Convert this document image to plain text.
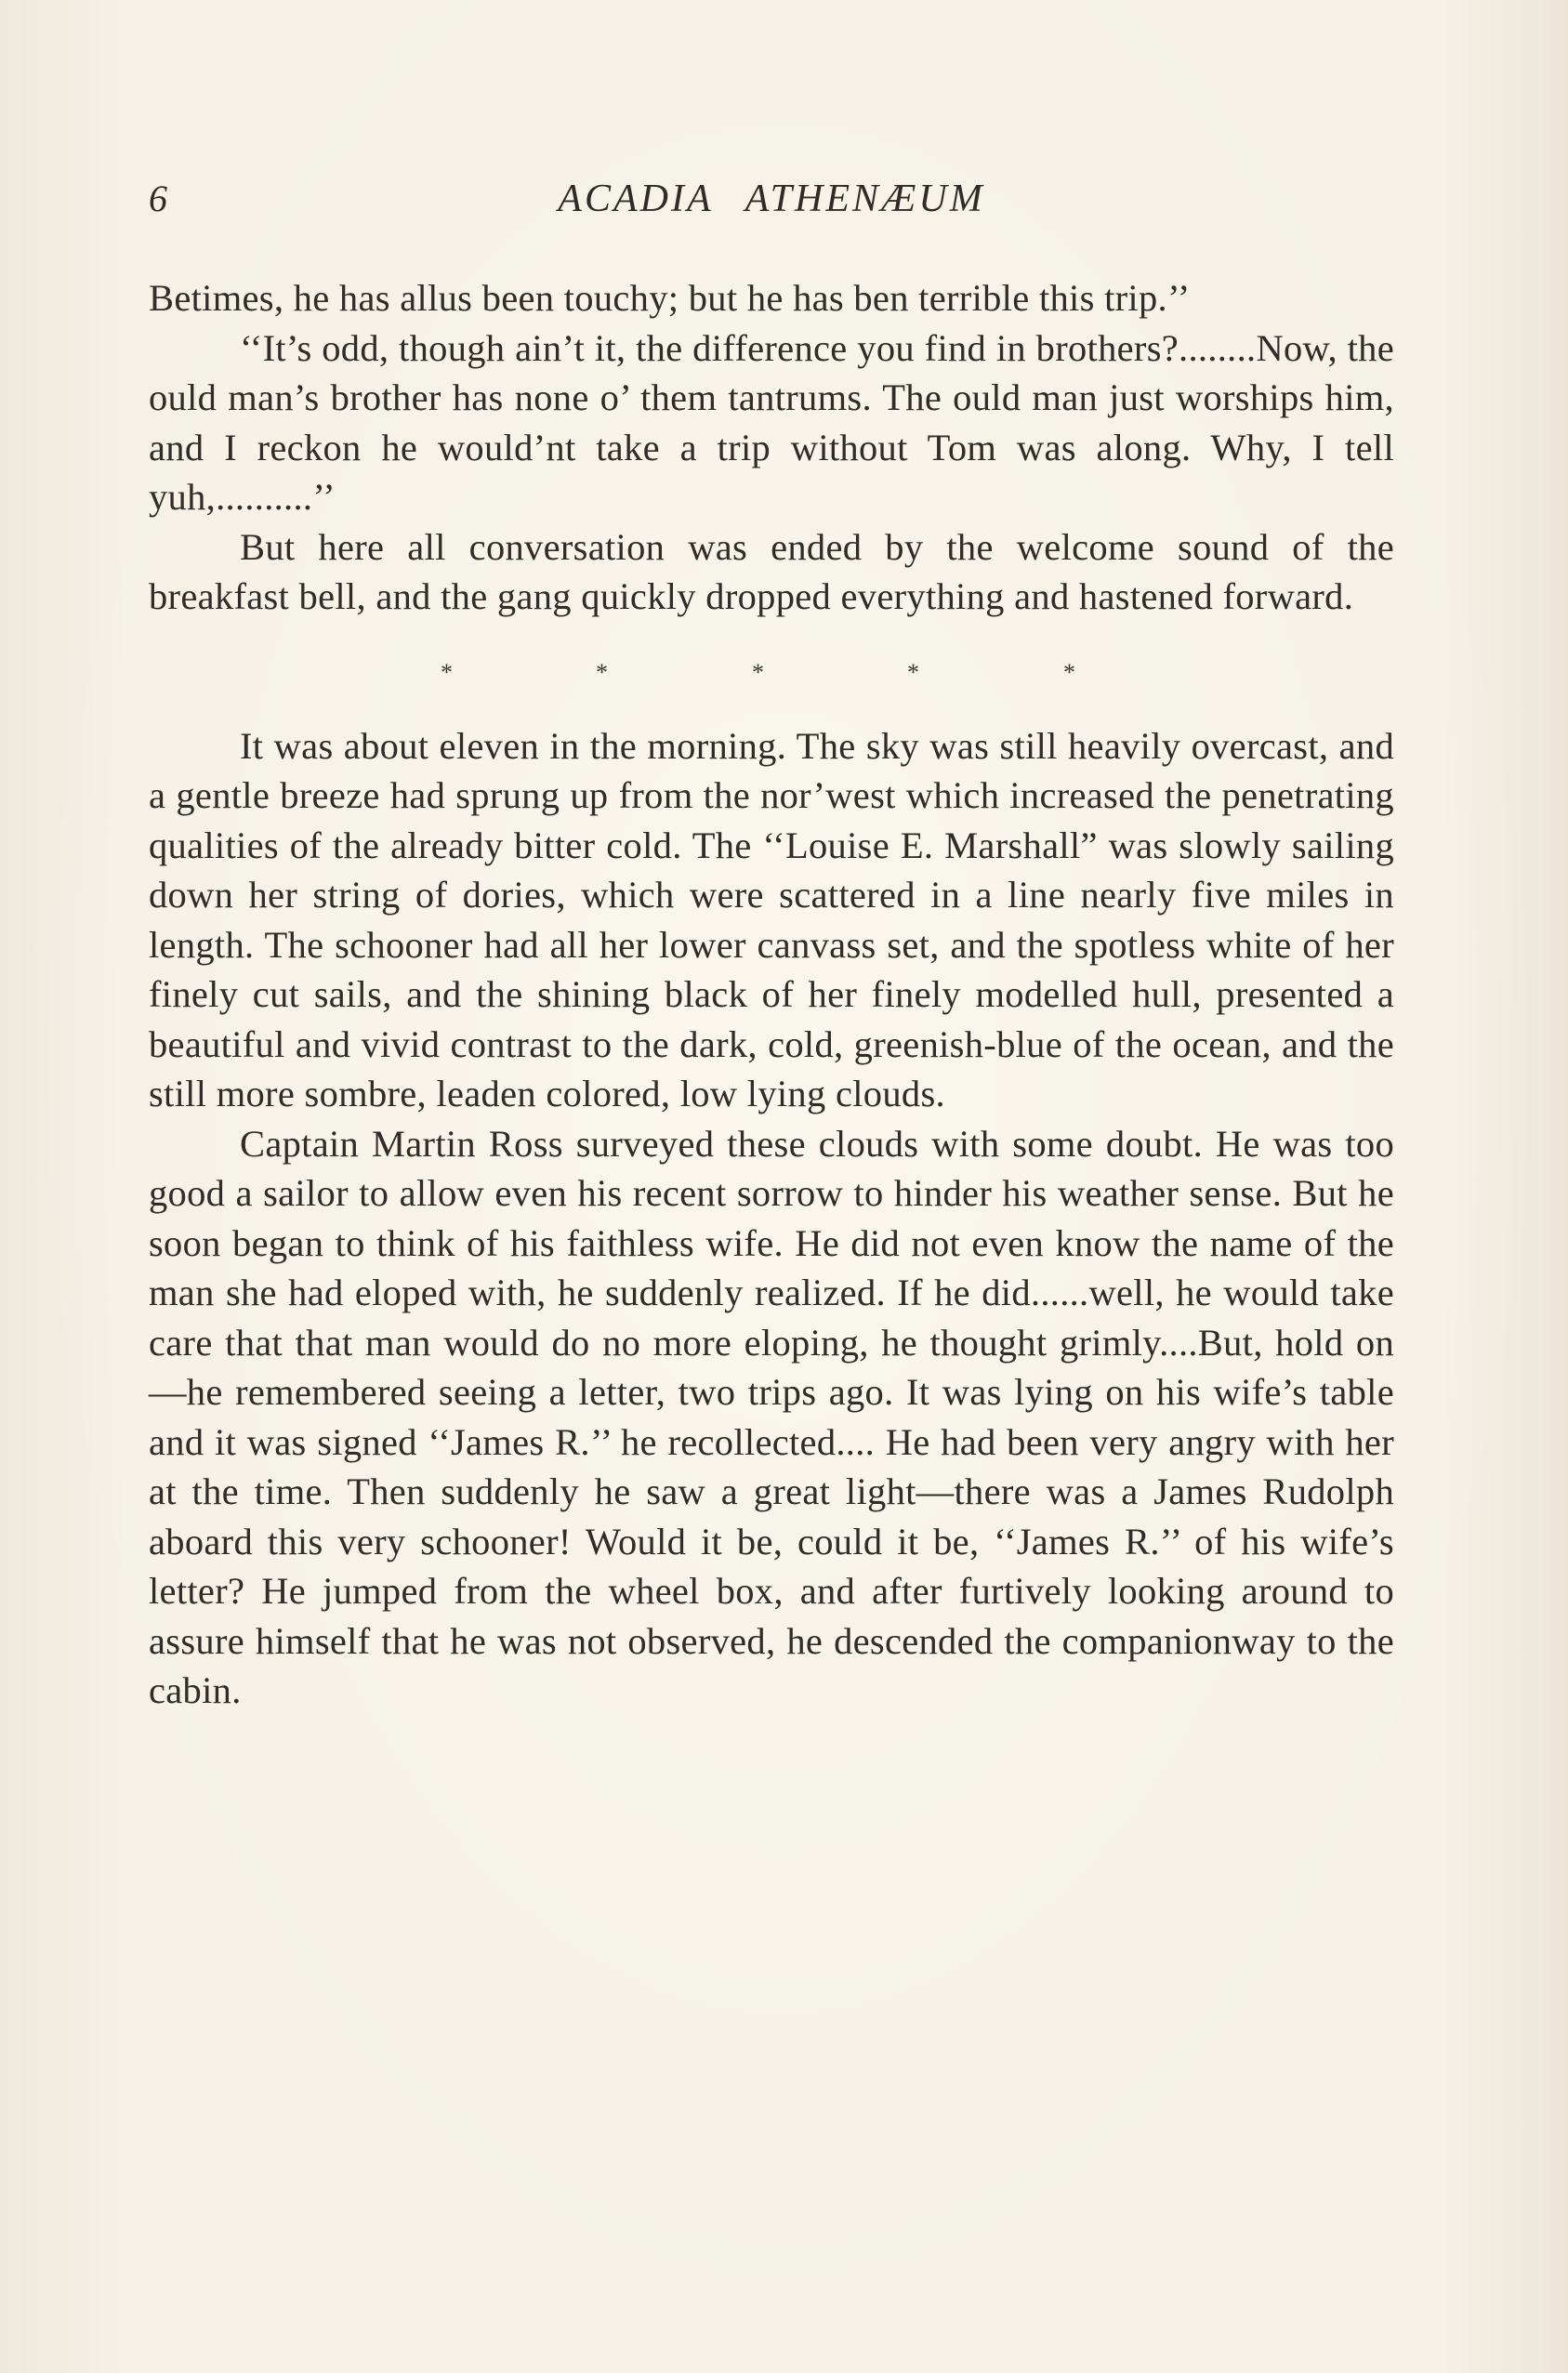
6	ACADIA ATHENÆUM

Betimes, he has allus been touchy; but he has ben terrible this trip.’’

‘‘It’s odd, though ain’t it, the difference you find in brothers?........Now, the ould man’s brother has none o’ them tantrums. The ould man just worships him, and I reckon he would’nt take a trip without Tom was along. Why, I tell yuh,..........’’

But here all conversation was ended by the welcome sound of the breakfast bell, and the gang quickly dropped everything and hastened forward.

*	*	*	*	*

It was about eleven in the morning. The sky was still heavily overcast, and a gentle breeze had sprung up from the nor’west which increased the penetrating qualities of the already bitter cold. The ‘‘Louise E. Marshall” was slowly sailing down her string of dories, which were scattered in a line nearly five miles in length. The schooner had all her lower canvass set, and the spotless white of her finely cut sails, and the shining black of her finely modelled hull, presented a beautiful and vivid contrast to the dark, cold, greenish-blue of the ocean, and the still more sombre, leaden colored, low lying clouds.

Captain Martin Ross surveyed these clouds with some doubt. He was too good a sailor to allow even his recent sorrow to hinder his weather sense. But he soon began to think of his faithless wife. He did not even know the name of the man she had eloped with, he suddenly realized. If he did......well, he would take care that that man would do no more eloping, he thought grimly....But, hold on—he remembered seeing a letter, two trips ago. It was lying on his wife’s table and it was signed ‘‘James R.’’ he recollected.... He had been very angry with her at the time. Then suddenly he saw a great light—there was a James Rudolph aboard this very schooner! Would it be, could it be, ‘‘James R.’’ of his wife’s letter? He jumped from the wheel box, and after furtively looking around to assure himself that he was not observed, he descended the companionway to the cabin.
